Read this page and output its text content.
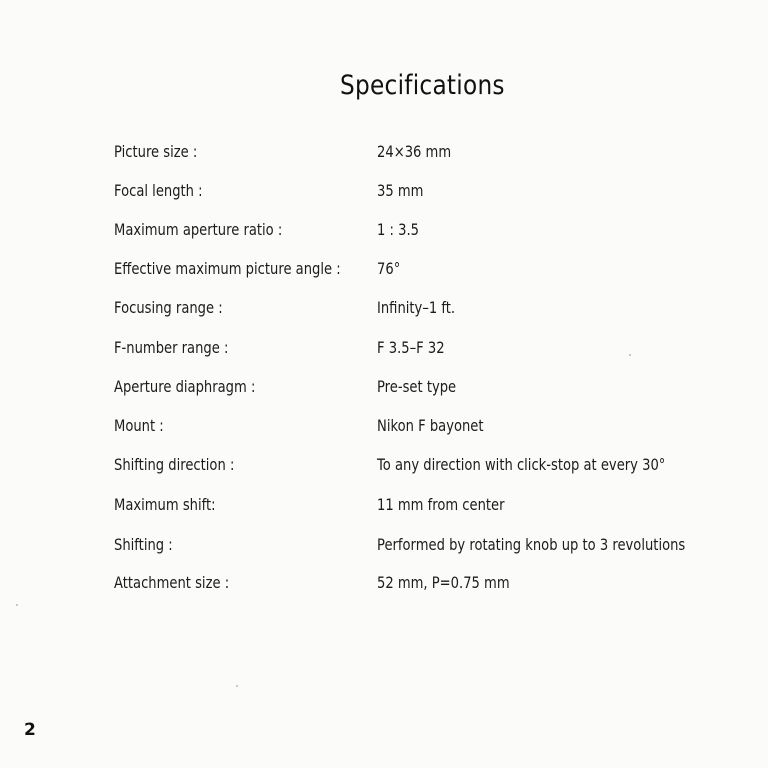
Specifications
Picture size :	24×36 mm
Focal length :	35 mm
Maximum aperture ratio :	1 : 3.5
Effective maximum picture angle : 76°
Focusing range :	Infinity–1 ft.
F-number range :	F 3.5–F 32
Aperture diaphragm :	Pre-set type
Mount :	Nikon F bayonet
Shifting direction :	To any direction with click-stop at every 30°
Maximum shift:	11 mm from center
Shifting :	Performed by rotating knob up to 3 revolutions
Attachment size :	52 mm, P=0.75 mm
2
